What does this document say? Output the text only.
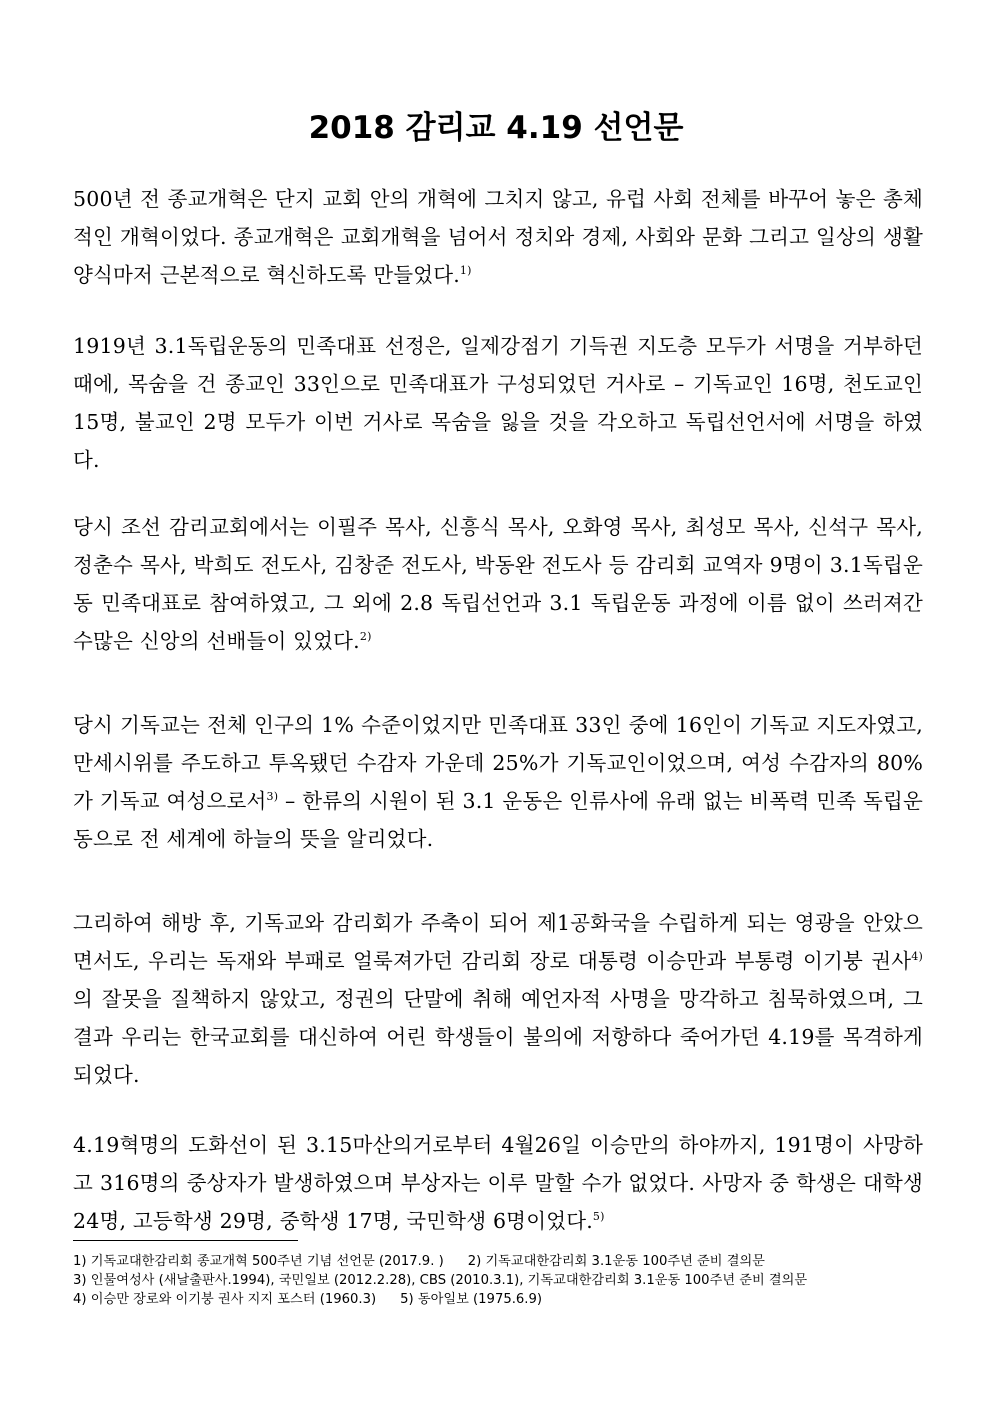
2018 감리교 4.19 선언문

500년 전 종교개혁은 단지 교회 안의 개혁에 그치지 않고, 유럽 사회 전체를 바꾸어 놓은 총체적인 개혁이었다. 종교개혁은 교회개혁을 넘어서 정치와 경제, 사회와 문화 그리고 일상의 생활양식마저 근본적으로 혁신하도록 만들었다.$^{1)}$

1919년 3.1독립운동의 민족대표 선정은, 일제강점기 기득권 지도층 모두가 서명을 거부하던 때에, 목숨을 건 종교인 33인으로 민족대표가 구성되었던 거사로 – 기독교인 16명, 천도교인 15명, 불교인 2명 모두가 이번 거사로 목숨을 잃을 것을 각오하고 독립선언서에 서명을 하였다.

당시 조선 감리교회에서는 이필주 목사, 신흥식 목사, 오화영 목사, 최성모 목사, 신석구 목사, 정춘수 목사, 박희도 전도사, 김창준 전도사, 박동완 전도사 등 감리회 교역자 9명이 3.1독립운동 민족대표로 참여하였고, 그 외에 2.8 독립선언과 3.1 독립운동 과정에 이름 없이 쓰러져간 수많은 신앙의 선배들이 있었다.$^{2)}$

당시 기독교는 전체 인구의 1% 수준이었지만 민족대표 33인 중에 16인이 기독교 지도자였고, 만세시위를 주도하고 투옥됐던 수감자 가운데 25%가 기독교인이었으며, 여성 수감자의 80%가 기독교 여성으로서$^{3)}$ – 한류의 시원이 된 3.1 운동은 인류사에 유래 없는 비폭력 민족 독립운동으로 전 세계에 하늘의 뜻을 알리었다.

그리하여 해방 후, 기독교와 감리회가 주축이 되어 제1공화국을 수립하게 되는 영광을 안았으면서도, 우리는 독재와 부패로 얼룩져가던 감리회 장로 대통령 이승만과 부통령 이기붕 권사$^{4)}$의 잘못을 질책하지 않았고, 정권의 단말에 취해 예언자적 사명을 망각하고 침묵하였으며, 그 결과 우리는 한국교회를 대신하여 어린 학생들이 불의에 저항하다 죽어가던 4.19를 목격하게 되었다.

4.19혁명의 도화선이 된 3.15마산의거로부터 4월26일 이승만의 하야까지, 191명이 사망하고 316명의 중상자가 발생하였으며 부상자는 이루 말할 수가 없었다. 사망자 중 학생은 대학생 24명, 고등학생 29명, 중학생 17명, 국민학생 6명이었다.$^{5)}$

1) 기독교대한감리회 종교개혁 500주년 기념 선언문 (2017.9. ) 2) 기독교대한감리회 3.1운동 100주년 준비 결의문
3) 인물여성사 (새날출판사.1994), 국민일보 (2012.2.28), CBS (2010.3.1), 기독교대한감리회 3.1운동 100주년 준비 결의문
4) 이승만 장로와 이기붕 권사 지지 포스터 (1960.3) 5) 동아일보 (1975.6.9)
